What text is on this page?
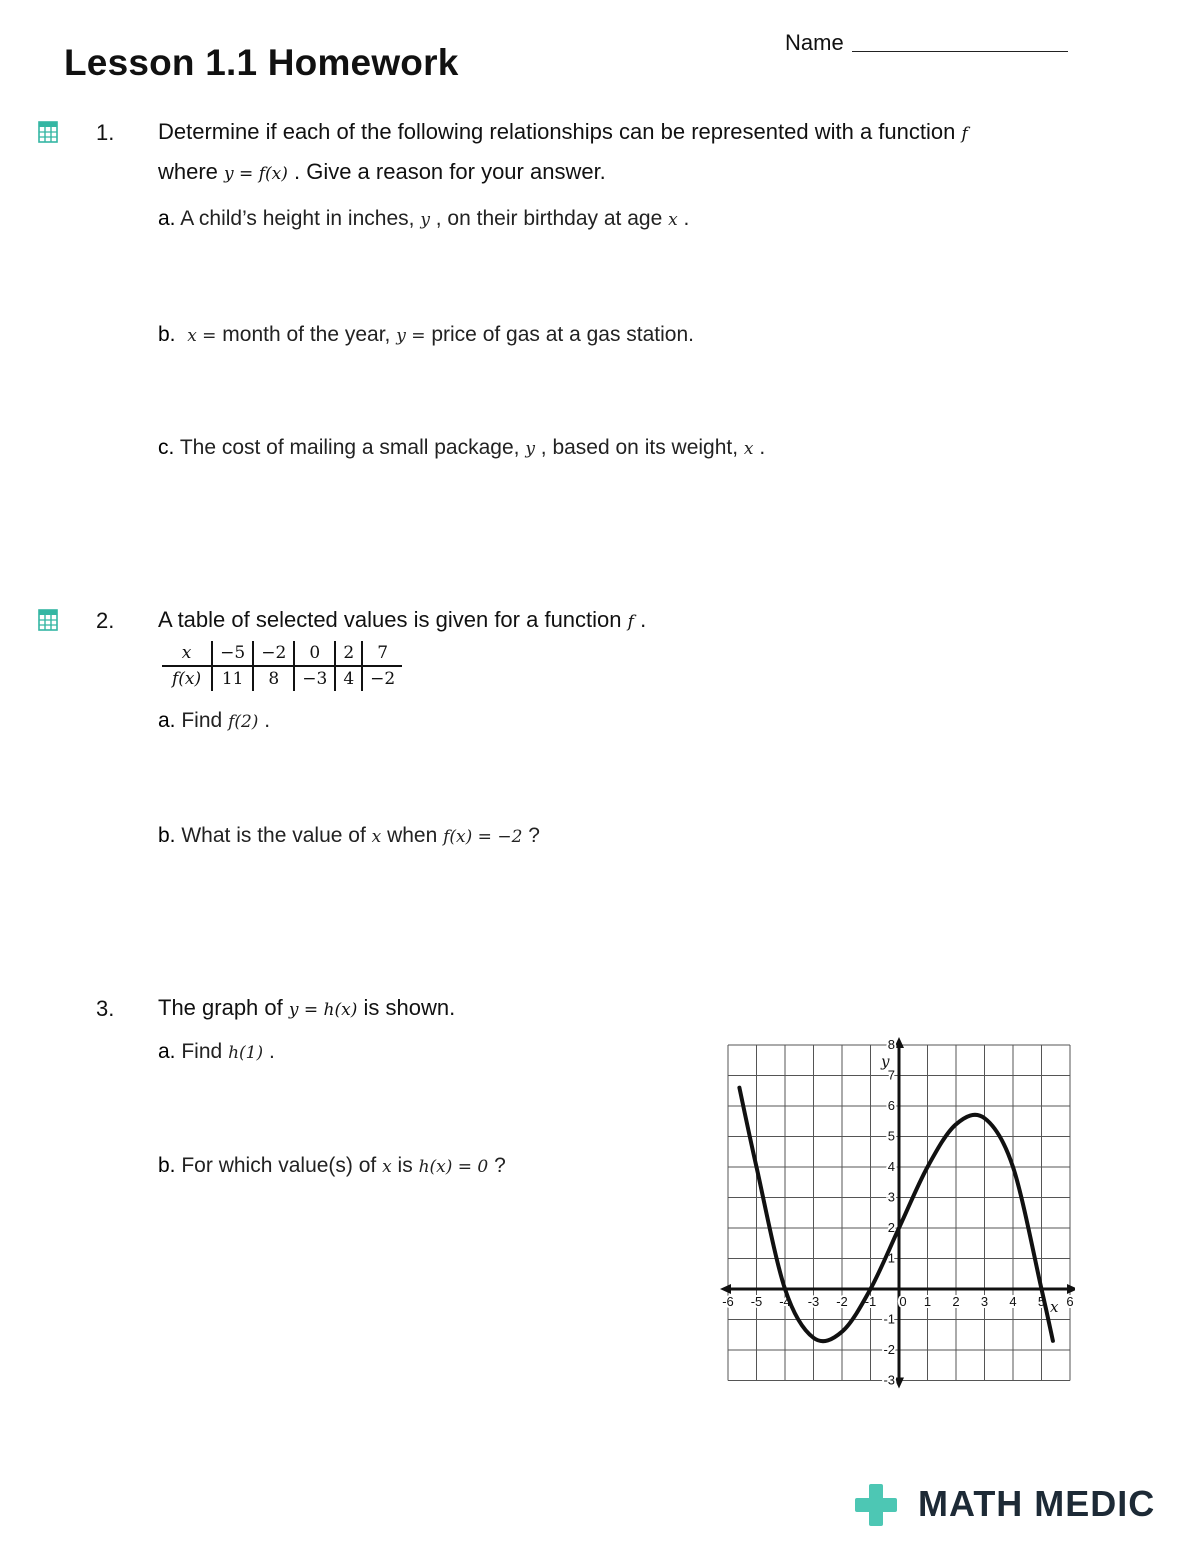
Lesson 1.1 Homework	Name
1. Determine if each of the following relationships can be represented with a function f
where y = f(x) . Give a reason for your answer.
a. A child’s height in inches, y , on their birthday at age x .
b. x = month of the year, y = price of gas at a gas station.
c. The cost of mailing a small package, y , based on its weight, x .
2. A table of selected values is given for a function f .
x	−5	−2	0	2	7
f(x)	11	8	−3	4	−2
a. Find f(2) .
b. What is the value of x when f(x) = −2 ?
3. The graph of y = h(x) is shown.
a. Find h(1) .
b. For which value(s) of x is h(x) = 0 ?
-6 -5 -4 -3 -2 -1 0 1 2 3 4 5 6
-3
-2
-1
1
2
3
4
5
6
7
8
y
x
MATH MEDIC
